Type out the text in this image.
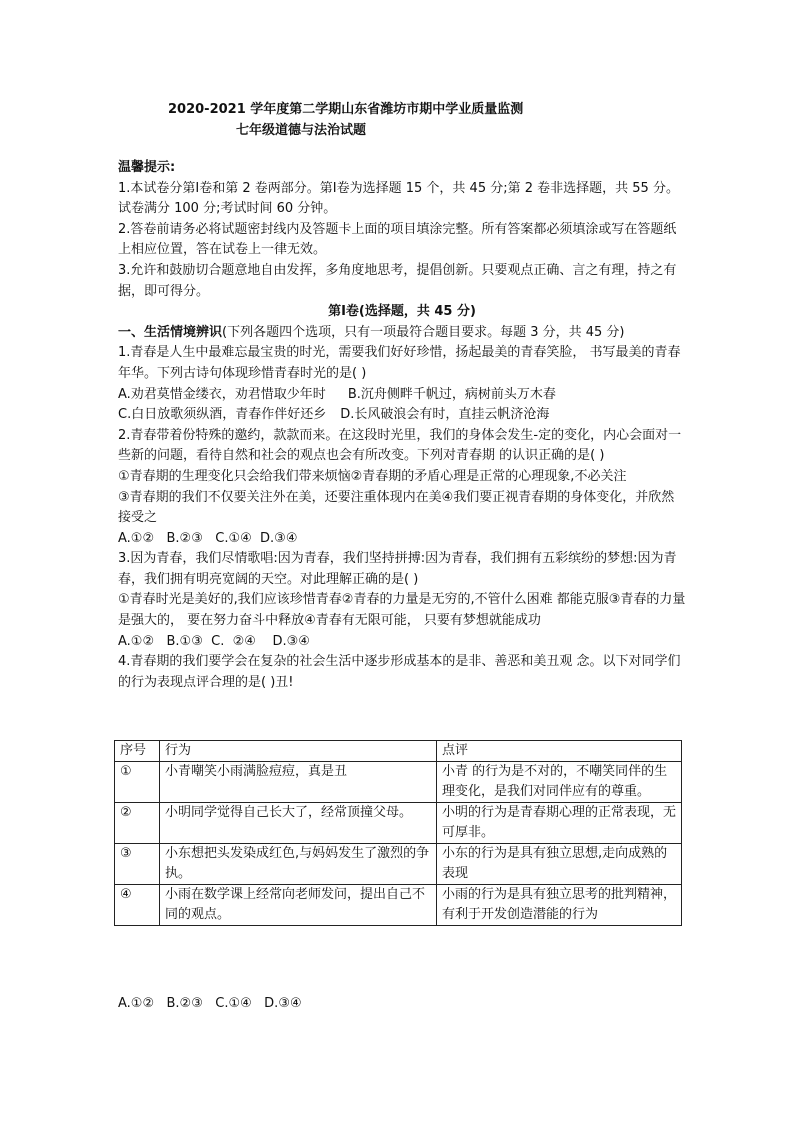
2020-2021 学年度第二学期山东省潍坊市期中学业质量监测
七年级道德与法治试题

温馨提示:

1.本试卷分第Ⅰ卷和第 2 卷两部分。第Ⅰ卷为选择题 15 个，共 45 分;第 2 卷非选择题，共 55 分。试卷满分 100 分;考试时间 60 分钟。

2.答卷前请务必将试题密封线内及答题卡上面的项目填涂完整。所有答案都必须填涂或写在答题纸上相应位置，答在试卷上一律无效。

3.允许和鼓励切合题意地自由发挥，多角度地思考，提倡创新。只要观点正确、言之有理，持之有据，即可得分。

第Ⅰ卷(选择题，共 45 分)

一、生活情境辨识(下列各题四个选项，只有一项最符合题目要求。每题 3 分，共 45 分)

1.青春是人生中最难忘最宝贵的时光，需要我们好好珍惜，扬起最美的青春笑脸， 书写最美的青春年华。下列古诗句体现珍惜青春时光的是( )

A.劝君莫惜金缕衣，劝君惜取少年时 B.沉舟侧畔千帆过，病树前头万木春

C.白日放歌须纵酒，青春作伴好还乡 D.长风破浪会有时，直挂云帆济沧海

2.青春带着份特殊的邀约，款款而来。在这段时光里，我们的身体会发生-定的变化，内心会面对一些新的问题，看待自然和社会的观点也会有所改变。下列对青春期 的认识正确的是( )

①青春期的生理变化只会给我们带来烦恼②青春期的矛盾心理是正常的心理现象,不必关注

③青春期的我们不仅要关注外在美，还要注重体现内在美④我们要正视青春期的身体变化，并欣然接受之

A.①②   B.②③   C.①④  D.③④

3.因为青春，我们尽情歌唱:因为青春，我们坚持拼搏:因为青春，我们拥有五彩缤纷的梦想:因为青春，我们拥有明亮宽阔的天空。对此理解正确的是( )

①青春时光是美好的,我们应该珍惜青春②青春的力量是无穷的,不管什么困难 都能克服③青春的力量是强大的， 要在努力奋斗中释放④青春有无限可能， 只要有梦想就能成功

A.①②   B.①③  C.  ②④    D.③④

4.青春期的我们要学会在复杂的社会生活中逐步形成基本的是非、善恶和美丑观 念。以下对同学们的行为表现点评合理的是( )丑!

序号	行为	点评
①	小青嘲笑小雨满脸痘痘，真是丑	小青 的行为是不对的，不嘲笑同伴的生理变化，是我们对同伴应有的尊重。
②	小明同学觉得自己长大了，经常顶撞父母。	小明的行为是青春期心理的正常表现，无可厚非。
③	小东想把头发染成红色,与妈妈发生了激烈的争执。	小东的行为是具有独立思想,走向成熟的表现
④	小雨在数学课上经常向老师发问，提出自己不同的观点。	小雨的行为是具有独立思考的批判精神，有利于开发创造潜能的行为
A.①②   B.②③   C.①④   D.③④
